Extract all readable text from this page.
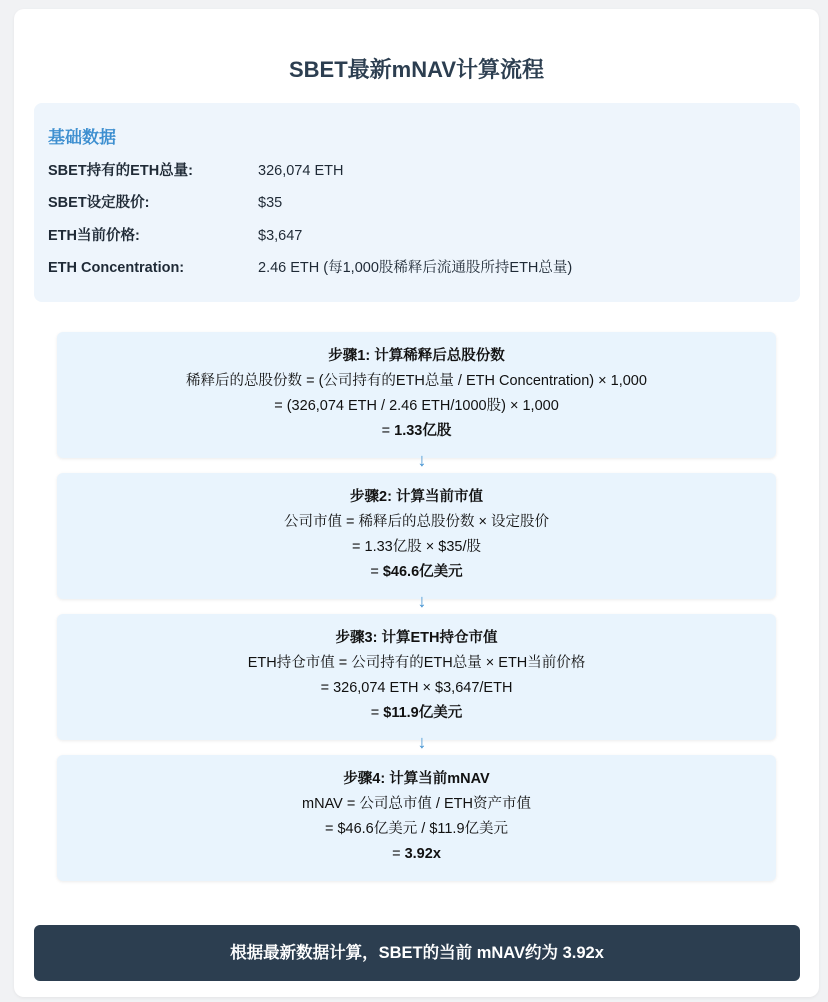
SBET最新mNAV计算流程
基础数据
SBET持有的ETH总量:	326,074 ETH
SBET设定股价:	$35
ETH当前价格:	$3,647
ETH Concentration:	2.46 ETH (每1,000股稀释后流通股所持ETH总量)
步骤1: 计算稀释后总股份数
稀释后的总股份数 = (公司持有的ETH总量 / ETH Concentration) × 1,000
= (326,074 ETH / 2.46 ETH/1000股) × 1,000
= 1.33亿股
↓
步骤2: 计算当前市值
公司市值 = 稀释后的总股份数 × 设定股价
= 1.33亿股 × $35/股
= $46.6亿美元
↓
步骤3: 计算ETH持仓市值
ETH持仓市值 = 公司持有的ETH总量 × ETH当前价格
= 326,074 ETH × $3,647/ETH
= $11.9亿美元
↓
步骤4: 计算当前mNAV
mNAV = 公司总市值 / ETH资产市值
= $46.6亿美元 / $11.9亿美元
= 3.92x
根据最新数据计算，SBET的当前 mNAV约为 3.92x
